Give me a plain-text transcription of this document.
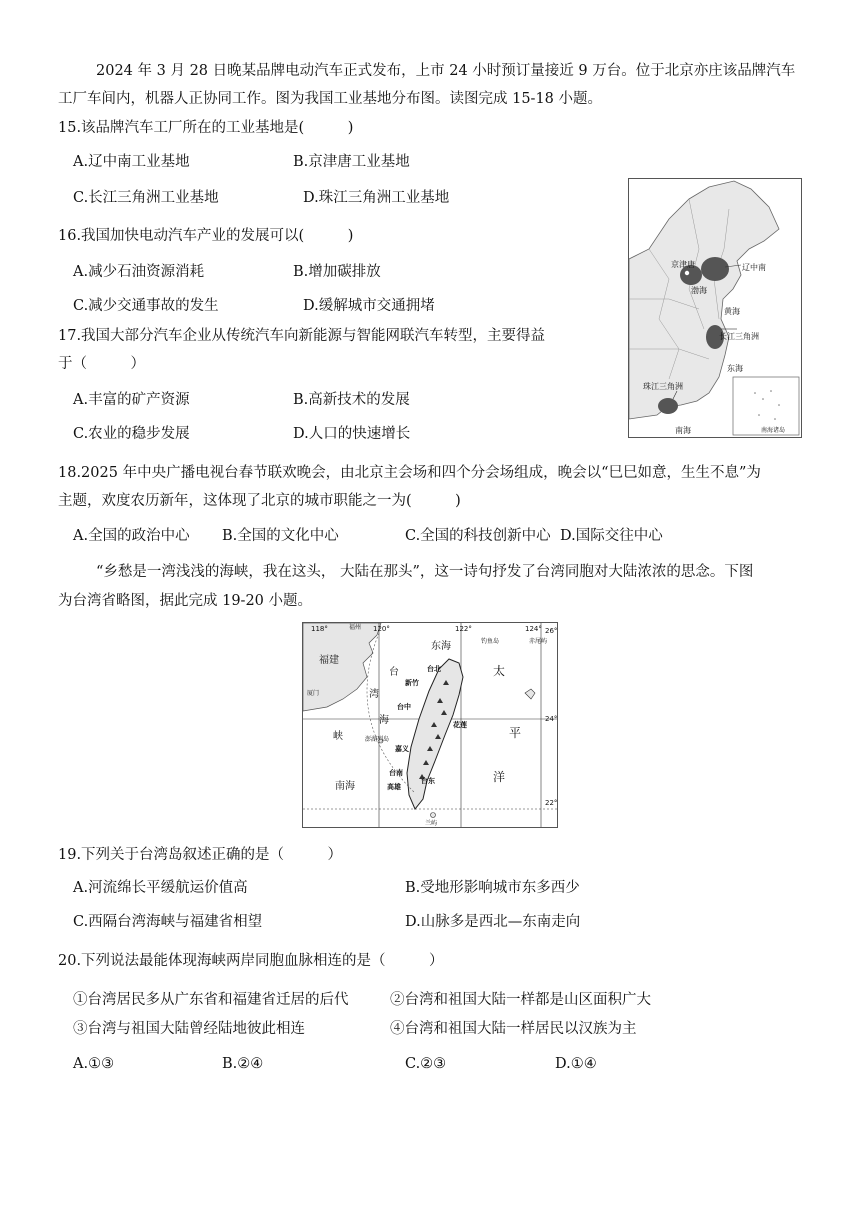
2024 年 3 月 28 日晚某品牌电动汽车正式发布，上市 24 小时预订量接近 9 万台。位于北京亦庄该品牌汽车
工厂车间内，机器人正协同工作。图为我国工业基地分布图。读图完成 15-18 小题。
15.该品牌汽车工厂所在的工业基地是(　　　)
A.辽中南工业基地	B.京津唐工业基地
C.长江三角洲工业基地	D.珠江三角洲工业基地
16.我国加快电动汽车产业的发展可以(　　　)
A.减少石油资源消耗	B.增加碳排放
C.减少交通事故的发生	D.缓解城市交通拥堵
17.我国大部分汽车企业从传统汽车向新能源与智能网联汽车转型，主要得益
于（　　　）
A.丰富的矿产资源	B.高新技术的发展
C.农业的稳步发展	D.人口的快速增长
18.2025 年中央广播电视台春节联欢晚会，由北京主会场和四个分会场组成，晚会以“巳巳如意，生生不息”为
主题，欢度农历新年，这体现了北京的城市职能之一为(　　　)
A.全国的政治中心 B.全国的文化中心	C.全国的科技创新中心 D.国际交往中心
“乡愁是一湾浅浅的海峡，我在这头， 大陆在那头”，这一诗句抒发了台湾同胞对大陆浓浓的思念。下图
为台湾省略图，据此完成 19-20 小题。
京津唐	辽中南
渤海
黄海
长江三角洲
东海
珠江三角洲
南海	南海诸岛
118°	120°	122°	124° 26°
24°
22°
福州
福建
厦门
台
湾
海
峡	澎湖列岛
南海
东海	钓鱼岛	赤尾屿
台北
新竹
台中
花莲
嘉义
台南
台东
高雄
兰屿
太
平
洋
19.下列关于台湾岛叙述正确的是（　　　）
A.河流绵长平缓航运价值高	B.受地形影响城市东多西少
C.西隔台湾海峡与福建省相望	D.山脉多是西北—东南走向
20.下列说法最能体现海峡两岸同胞血脉相连的是（　　　）
①台湾居民多从广东省和福建省迁居的后代	②台湾和祖国大陆一样都是山区面积广大
③台湾与祖国大陆曾经陆地彼此相连	④台湾和祖国大陆一样居民以汉族为主
A.①③	B.②④	C.②③	D.①④
